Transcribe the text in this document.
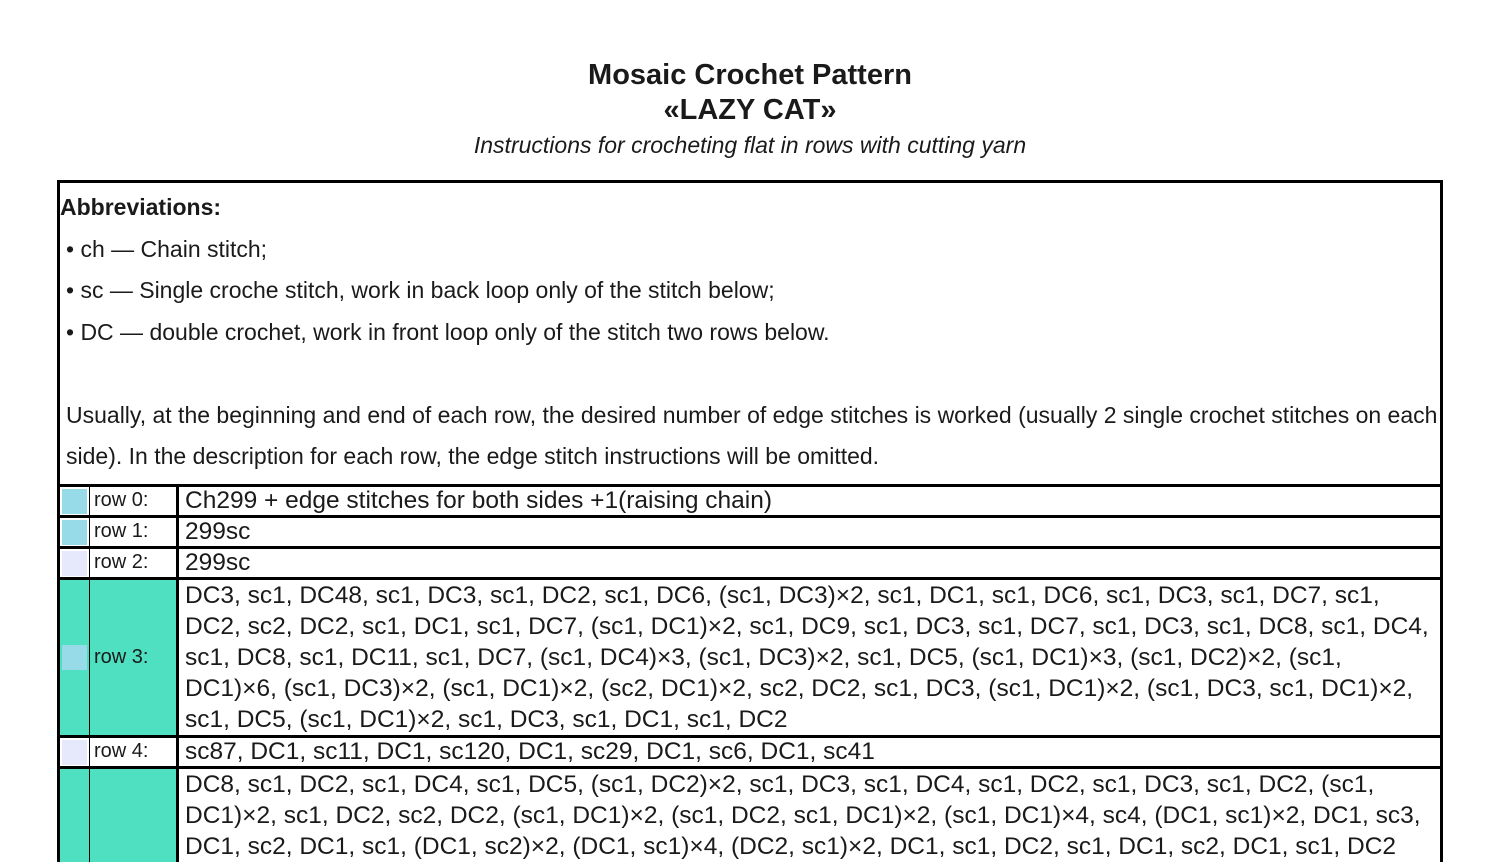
Mosaic Crochet Pattern
«LAZY CAT»
Instructions for crocheting flat in rows with cutting yarn
Abbreviations:
• ch — Chain stitch;
• sc — Single croche stitch, work in back loop only of the stitch below;
• DC — double crochet, work in front loop only of the stitch two rows below.
Usually, at the beginning and end of each row, the desired number of edge stitches is worked (usually 2 single crochet stitches on each side). In the description for each row, the edge stitch instructions will be omitted.
row 0:	Ch299 + edge stitches for both sides +1(raising chain)
row 1:	299sc
row 2:	299sc
row 3:
DC3, sc1, DC48, sc1, DC3, sc1, DC2, sc1, DC6, (sc1, DC3)×2, sc1, DC1, sc1, DC6, sc1, DC3, sc1, DC7, sc1, DC2, sc2, DC2, sc1, DC1, sc1, DC7, (sc1, DC1)×2, sc1, DC9, sc1, DC3, sc1, DC7, sc1, DC3, sc1, DC8, sc1, DC4, sc1, DC8, sc1, DC11, sc1, DC7, (sc1, DC4)×3, (sc1, DC3)×2, sc1, DC5, (sc1, DC1)×3, (sc1, DC2)×2, (sc1, DC1)×6, (sc1, DC3)×2, (sc1, DC1)×2, (sc2, DC1)×2, sc2, DC2, sc1, DC3, (sc1, DC1)×2, (sc1, DC3, sc1, DC1)×2, sc1, DC5, (sc1, DC1)×2, sc1, DC3, sc1, DC1, sc1, DC2
row 4:	sc87, DC1, sc11, DC1, sc120, DC1, sc29, DC1, sc6, DC1, sc41
DC8, sc1, DC2, sc1, DC4, sc1, DC5, (sc1, DC2)×2, sc1, DC3, sc1, DC4, sc1, DC2, sc1, DC3, sc1, DC2, (sc1, DC1)×2, sc1, DC2, sc2, DC2, (sc1, DC1)×2, (sc1, DC2, sc1, DC1)×2, (sc1, DC1)×4, sc4, (DC1, sc1)×2, DC1, sc3, DC1, sc2, DC1, sc1, (DC1, sc2)×2, (DC1, sc1)×4, (DC2, sc1)×2, DC1, sc1, DC2, sc1, DC1, sc2, DC1, sc1, DC2
